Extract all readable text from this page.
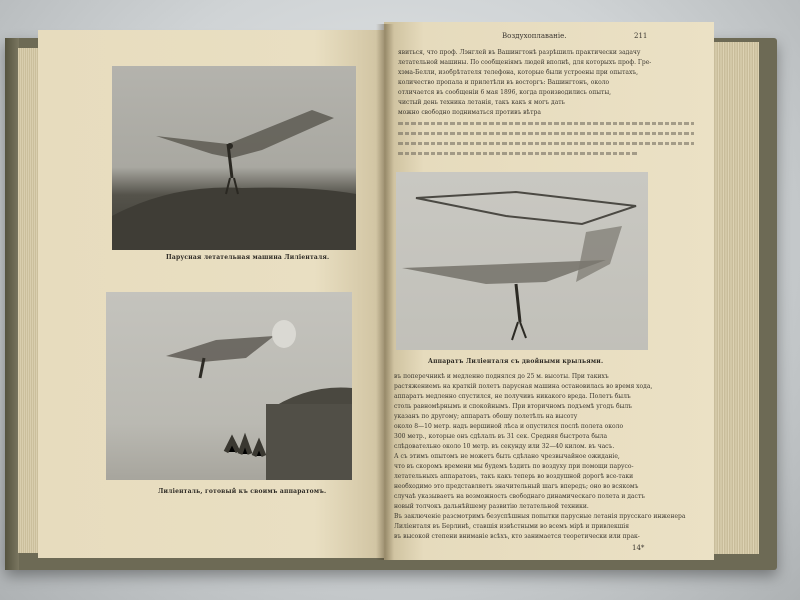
Парусная летательная машина Лиліенталя.
Лиліенталь, готовый къ своимъ аппаратомъ.
Воздухоплаваніе.	211
явиться, что проф. Лэнглей въ Вашингтонѣ разрѣшилъ практически задачу
летательной машины. По сообщеніямъ людей вполнѣ, для которыхъ проф. Гре-
хэма-Белли, изобрѣтателя телефона, которые были устроены при опытахъ,
количество пропала и прилетѣли въ восторгъ: Вашингтонъ, около
отличается въ сообщеніи 6 мая 1896, когда производились опыты,
чистый день техника летанія, такъ какъ я могъ дать
можно свободно подниматься противъ вѣтра
Аппаратъ Лиліенталя съ двойными крыльями.
въ поперечникѣ и медленно поднялся до 25 м. высоты. При такихъ
растяжениемъ на краткій полетъ парусная машина остановилась во время хода,
аппаратъ медленно спустился, не получивъ никакого вреда. Полетъ былъ
столь равномѣрнымъ и спокойнымъ. При вторичномъ подъемѣ угодъ былъ
указанъ по другому; аппаратъ обошу полетѣлъ на высоту
около 8—10 метр. надъ вершиной лѣса и опустился послѣ полета около
300 метр., которые онъ сдѣлалъ въ 31 сек. Средняя быстрота была
слѣдовательно около 10 метр. въ секунду или 32—40 килом. въ часъ.
А съ этимъ опытомъ не можетъ быть сдѣлано чрезвычайное ожиданіе,
что въ скоромъ времени мы будемъ ѣздить по воздуху при помощи парусо-
летательныхъ аппаратовъ, такъ какъ теперь во воздушной дорогѣ все-таки
необходимо это представляетъ значительный шагъ впередъ; оно во всякомъ
случаѣ указываетъ на возможность свободнаго динамическаго полета и дастъ
новый толчокъ дальнѣйшему развитію летательной техники.
Въ заключеніе разсмотримъ безуспѣшныя попытки парусные летанія прусскаго инженера
Лиліенталя въ Берлинѣ, ставшія извѣстными во всемъ мірѣ и привлекшія
въ высокой степени вниманіе всѣхъ, кто занимается теоретически или прак-
14*
